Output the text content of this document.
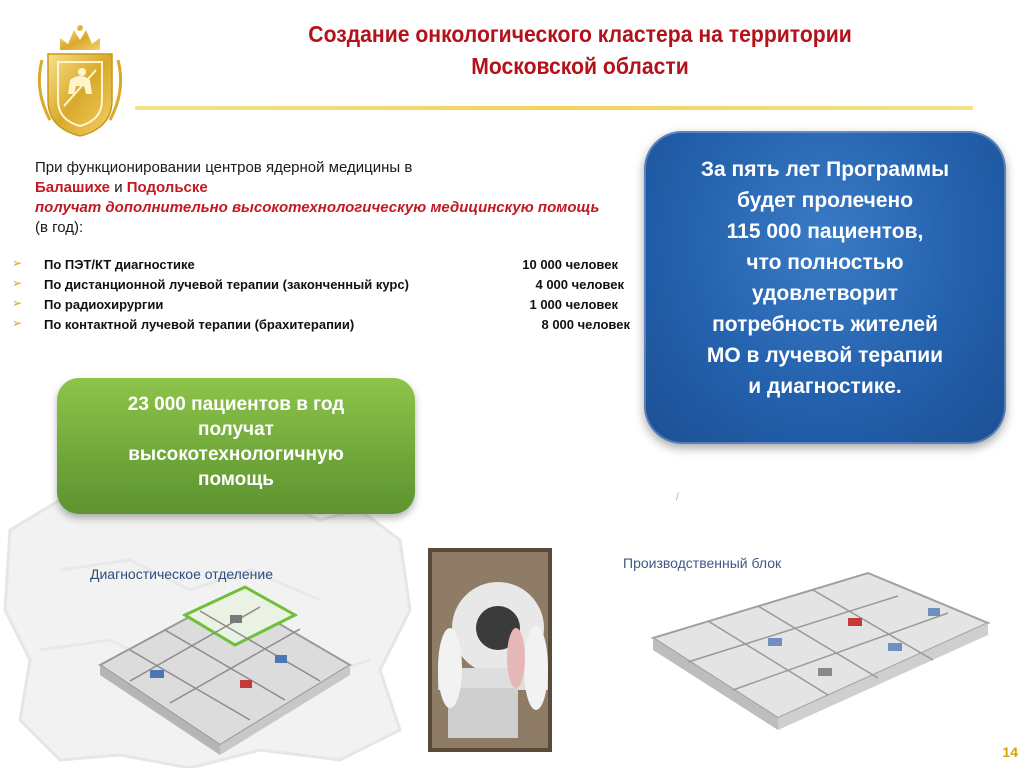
Создание онкологического кластера на территории
Московской области
При функционировании центров ядерной медицины в
Балашихе и Подольске
получат дополнительно высокотехнологическую медицинскую помощь (в год):
➢ По ПЭТ/КТ диагностике	10 000 человек
➢ По дистанционной лучевой терапии (законченный курс)	4 000 человек
➢ По радиохирургии	1 000 человек
➢ По контактной лучевой терапии (брахитерапии)	8 000 человек
За пять лет Программы
будет пролечено
115 000 пациентов,
что полностью
удовлетворит
потребность жителей
МО в лучевой терапии
и диагностике.
23 000 пациентов в год
получат
высокотехнологичную
помощь
/
Диагностическое отделение
Производственный блок
14
